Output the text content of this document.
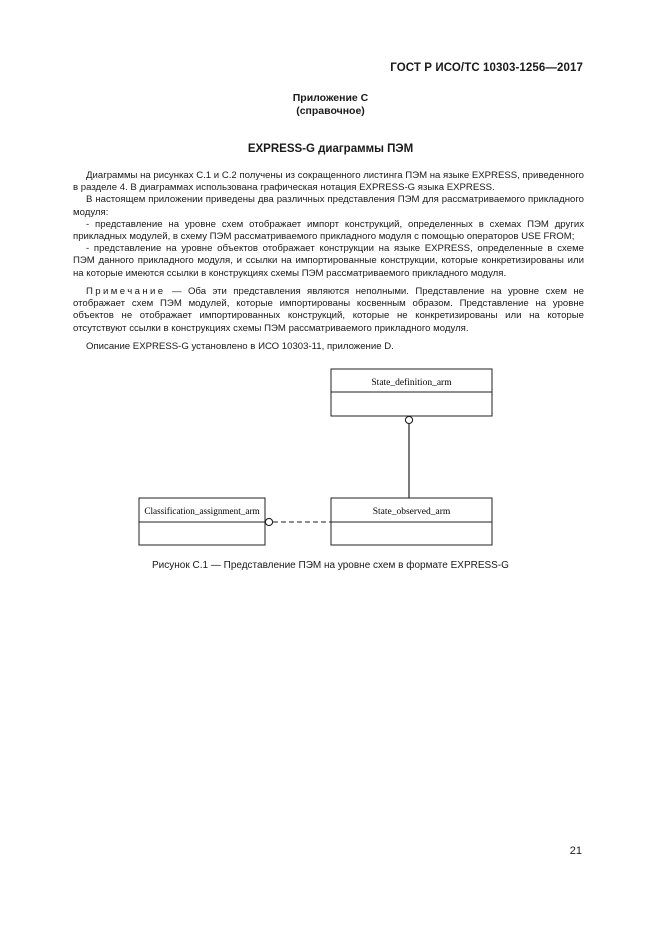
ГОСТ Р ИСО/ТС 10303-1256—2017
Приложение С
(справочное)
EXPRESS-G диаграммы ПЭМ

Диаграммы на рисунках С.1 и С.2 получены из сокращенного листинга ПЭМ на языке EXPRESS, приведенного в разделе 4. В диаграммах использована графическая нотация EXPRESS-G языка EXPRESS.

В настоящем приложении приведены два различных представления ПЭМ для рассматриваемого прикладного модуля:

- представление на уровне схем отображает импорт конструкций, определенных в схемах ПЭМ других прикладных модулей, в схему ПЭМ рассматриваемого прикладного модуля с помощью операторов USE FROM;

- представление на уровне объектов отображает конструкции на языке EXPRESS, определенные в схеме ПЭМ данного прикладного модуля, и ссылки на импортированные конструкции, которые конкретизированы или на которые имеются ссылки в конструкциях схемы ПЭМ рассматриваемого прикладного модуля.

Примечание — Оба эти представления являются неполными. Представление на уровне схем не отображает схем ПЭМ модулей, которые импортированы косвенным образом. Представление на уровне объектов не отображает импортированных конструкций, которые не конкретизированы или на которые отсутствуют ссылки в конструкциях схемы ПЭМ рассматриваемого прикладного модуля.

Описание EXPRESS-G установлено в ИСО 10303-11, приложение D.

State_definition_arm
State_observed_arm
Classification_assignment_arm
Рисунок С.1 — Представление ПЭМ на уровне схем в формате EXPRESS-G
21
